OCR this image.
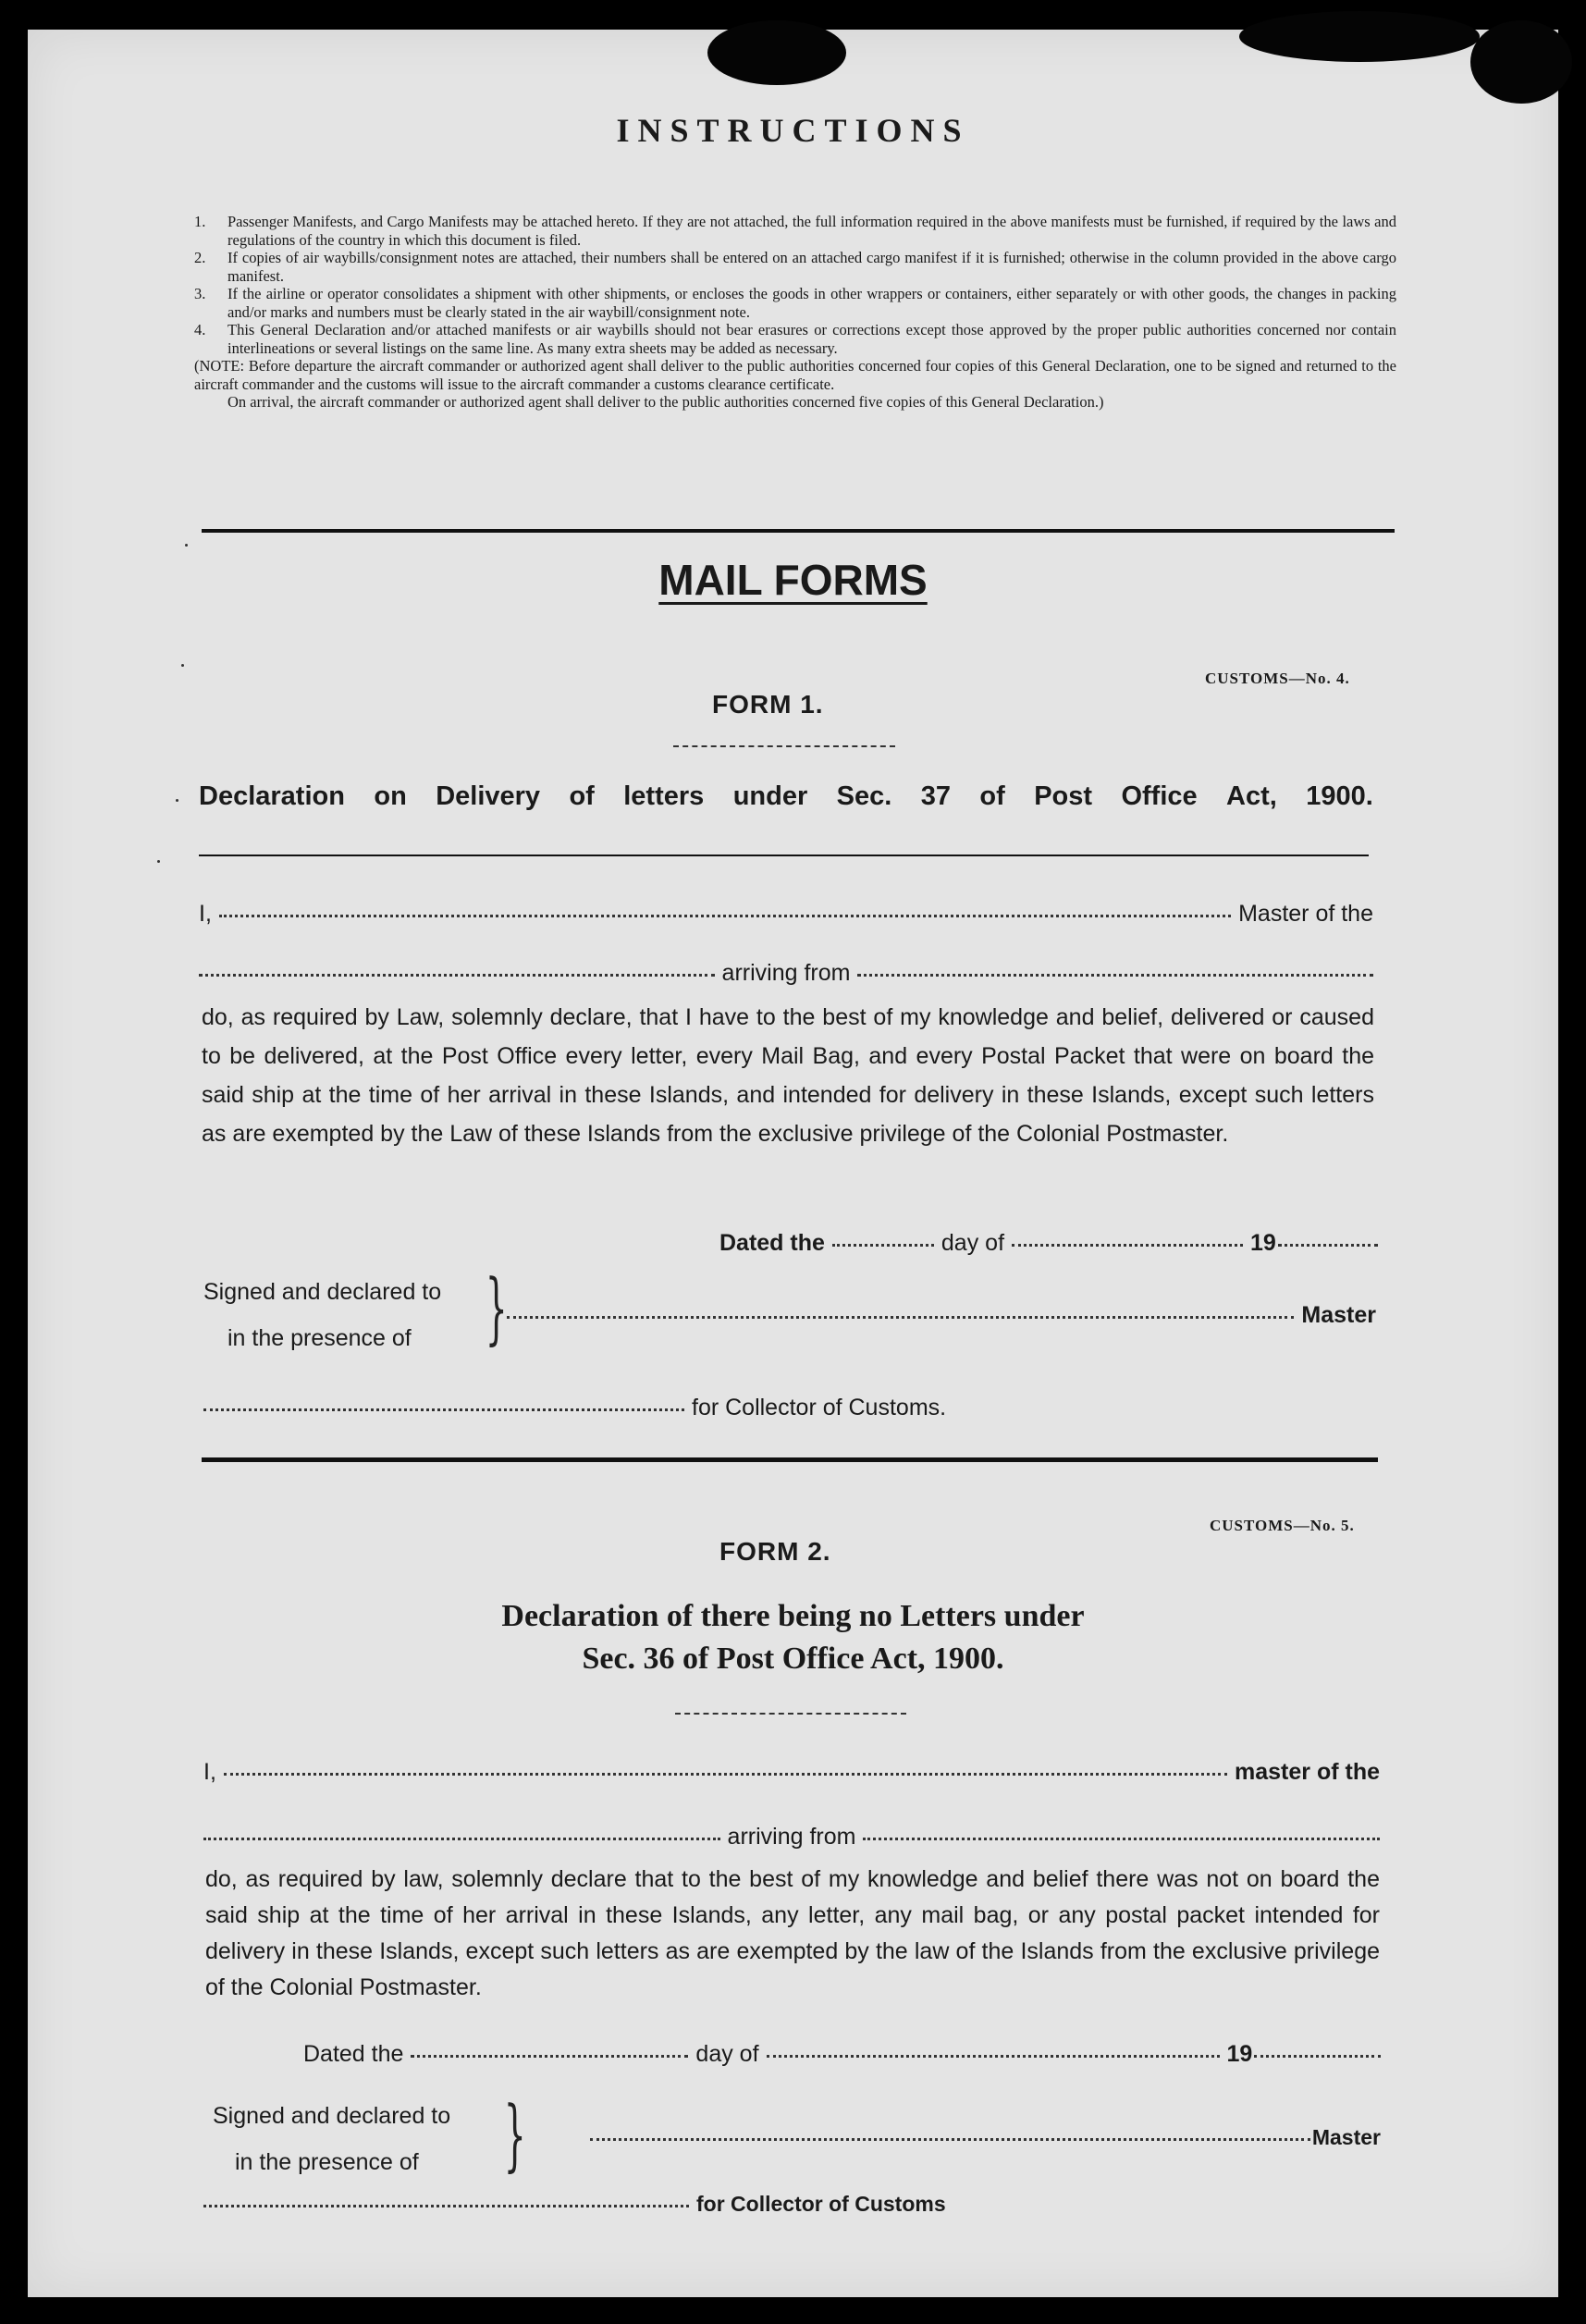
INSTRUCTIONS

1. Passenger Manifests, and Cargo Manifests may be attached hereto. If they are not attached, the full information required in the above manifests must be furnished, if required by the laws and regulations of the country in which this document is filed.

2. If copies of air waybills/consignment notes are attached, their numbers shall be entered on an attached cargo manifest if it is furnished; otherwise in the column provided in the above cargo manifest.

3. If the airline or operator consolidates a shipment with other shipments, or encloses the goods in other wrappers or containers, either separately or with other goods, the changes in packing and/or marks and numbers must be clearly stated in the air waybill/consignment note.

4. This General Declaration and/or attached manifests or air waybills should not bear erasures or corrections except those approved by the proper public authorities concerned nor contain interlineations or several listings on the same line. As many extra sheets may be added as necessary.

(NOTE: Before departure the aircraft commander or authorized agent shall deliver to the public authorities concerned four copies of this General Declaration, one to be signed and returned to the aircraft commander and the customs will issue to the aircraft commander a customs clearance certificate.

On arrival, the aircraft commander or authorized agent shall deliver to the public authorities concerned five copies of this General Declaration.)

MAIL FORMS
CUSTOMS—No. 4.
FORM 1.
Declaration on Delivery of letters under Sec. 37 of Post Office Act, 1900.
I,	Master of the
arriving from
do, as required by Law, solemnly declare, that I have to the best of my knowledge and belief, delivered or caused to be delivered, at the Post Office every letter, every Mail Bag, and every Postal Packet that were on board the said ship at the time of her arrival in these Islands, and intended for delivery in these Islands, except such letters as are exempted by the Law of these Islands from the exclusive privilege of the Colonial Postmaster.
Dated the	day of	19
Signed and declared to
in the presence of }	Master
for Collector of Customs.
CUSTOMS—No. 5.
FORM 2.
Declaration of there being no Letters under
Sec. 36 of Post Office Act, 1900.
I,	master of the
arriving from
do, as required by law, solemnly declare that to the best of my knowledge and belief there was not on board the said ship at the time of her arrival in these Islands, any letter, any mail bag, or any postal packet intended for delivery in these Islands, except such letters as are exempted by the law of the Islands from the exclusive privilege of the Colonial Postmaster.
Dated the	day of	19
Signed and declared to
in the presence of	}	Master
for Collector of Customs
